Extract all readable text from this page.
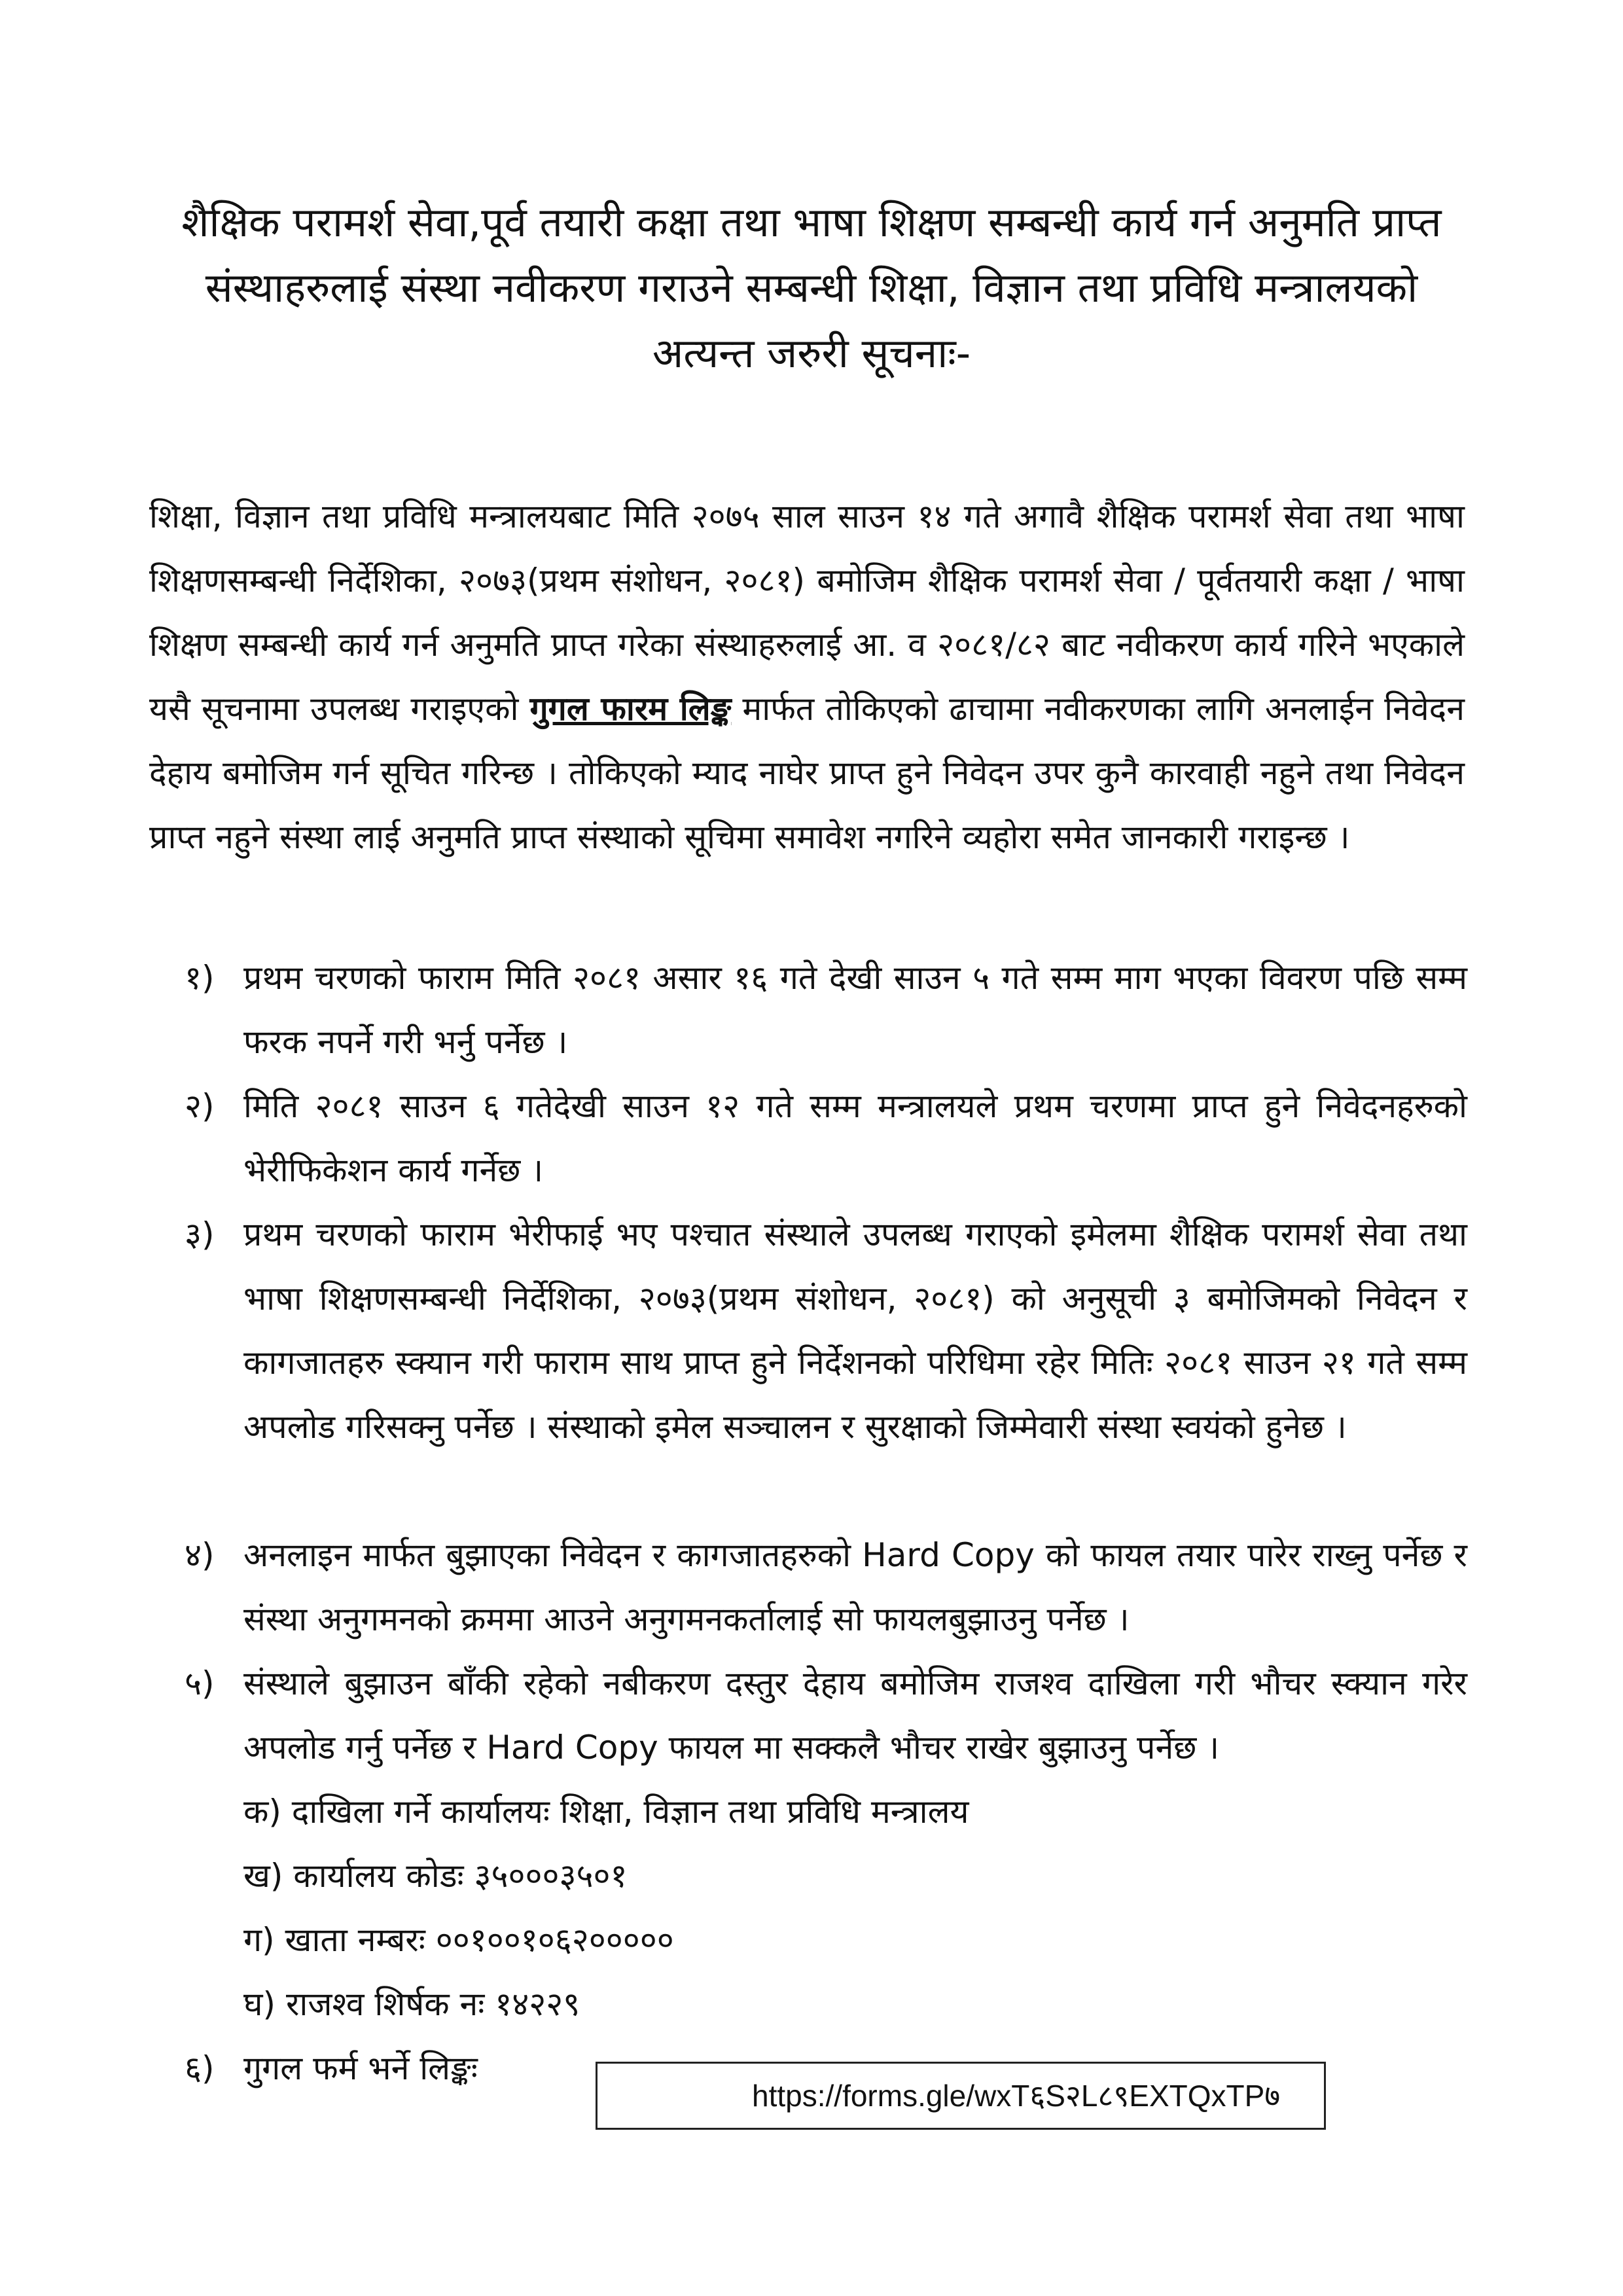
शैक्षिक परामर्श सेवा,पूर्व तयारी कक्षा तथा भाषा शिक्षण सम्बन्धी कार्य गर्न अनुमति प्राप्त
संस्थाहरुलाई संस्था नवीकरण गराउने सम्बन्धी शिक्षा, विज्ञान तथा प्रविधि मन्त्रालयको
अत्यन्त जरुरी सूचनाः-
शिक्षा, विज्ञान तथा प्रविधि मन्त्रालयबाट मिति २०७५ साल साउन १४ गते अगावै शैक्षिक परामर्श सेवा तथा भाषा शिक्षणसम्बन्धी निर्देशिका, २०७३(प्रथम संशोधन, २०८१) बमोजिम शैक्षिक परामर्श सेवा / पूर्वतयारी कक्षा / भाषा शिक्षण सम्बन्धी कार्य गर्न अनुमति प्राप्त गरेका संस्थाहरुलाई आ. व २०८१/८२ बाट नवीकरण कार्य गरिने भएकाले यसै सूचनामा उपलब्ध गराइएको गुगल फारम लिङ्क मार्फत तोकिएको ढाचामा नवीकरणका लागि अनलाईन निवेदन देहाय बमोजिम गर्न सूचित गरिन्छ । तोकिएको म्याद नाघेर प्राप्त हुने निवेदन उपर कुनै कारवाही नहुने तथा निवेदन प्राप्त नहुने संस्था लाई अनुमति प्राप्त संस्थाको सूचिमा समावेश नगरिने व्यहोरा समेत जानकारी गराइन्छ ।
१) प्रथम चरणको फाराम मिति २०८१ असार १६ गते देखी साउन ५ गते सम्म माग भएका विवरण पछि सम्म फरक नपर्ने गरी भर्नु पर्नेछ ।
२) मिति २०८१ साउन ६ गतेदेखी साउन १२ गते सम्म मन्त्रालयले प्रथम चरणमा प्राप्त हुने निवेदनहरुको भेरीफिकेशन कार्य गर्नेछ ।
३) प्रथम चरणको फाराम भेरीफाई भए पश्चात संस्थाले उपलब्ध गराएको इमेलमा शैक्षिक परामर्श सेवा तथा भाषा शिक्षणसम्बन्धी निर्देशिका, २०७३(प्रथम संशोधन, २०८१) को अनुसूची ३ बमोजिमको निवेदन र कागजातहरु स्क्यान गरी फाराम साथ प्राप्त हुने निर्देशनको परिधिमा रहेर मितिः २०८१ साउन २१ गते सम्म अपलोड गरिसक्नु पर्नेछ । संस्थाको इमेल सञ्चालन र सुरक्षाको जिम्मेवारी संस्था स्वयंको हुनेछ ।
४) अनलाइन मार्फत बुझाएका निवेदन र कागजातहरुको Hard Copy को फायल तयार पारेर राख्नु पर्नेछ र संस्था अनुगमनको क्रममा आउने अनुगमनकर्तालाई सो फायलबुझाउनु पर्नेछ ।
५) संस्थाले बुझाउन बाँकी रहेको नबीकरण दस्तुर देहाय बमोजिम राजश्व दाखिला गरी भौचर स्क्यान गरेर अपलोड गर्नु पर्नेछ र Hard Copy फायल मा सक्कलै भौचर राखेर बुझाउनु पर्नेछ ।
क) दाखिला गर्ने कार्यालयः शिक्षा, विज्ञान तथा प्रविधि मन्त्रालय
ख) कार्यालय कोडः ३५०००३५०१
ग) खाता नम्बरः ००१००१०६२०००००
घ) राजश्व शिर्षक नः १४२२९
६) गुगल फर्म भर्ने लिङ्कः
https://forms.gle/wxT६S२L८९EXTQxTP७
